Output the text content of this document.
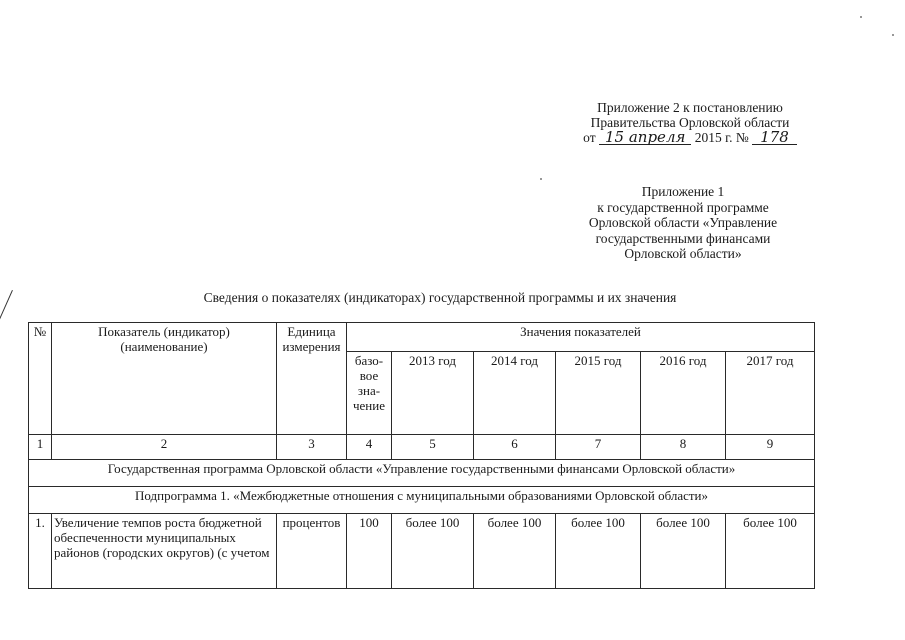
Приложение 2 к постановлению
Правительства Орловской области
от 15 апреля 2015 г. № 178
Приложение 1
к государственной программе
Орловской области «Управление
государственными финансами
Орловской области»
Сведения о показателях (индикаторах) государственной программы и их значения
№	Показатель (индикатор) (наименование)	Единица измерения	Значения показателей					
			базо-вое зна-чение	2013 год	2014 год	2015 год	2016 год	2017 год
1	2	3	4	5	6	7	8	9
Государственная программа Орловской области «Управление государственными финансами Орловской области»								
Подпрограмма 1. «Межбюджетные отношения с муниципальными образованиями Орловской области»								
1.	Увеличение темпов роста бюджетной обеспеченности муниципальных районов (городских округов) (с учетом	процентов	100	более 100	более 100	более 100	более 100	более 100
